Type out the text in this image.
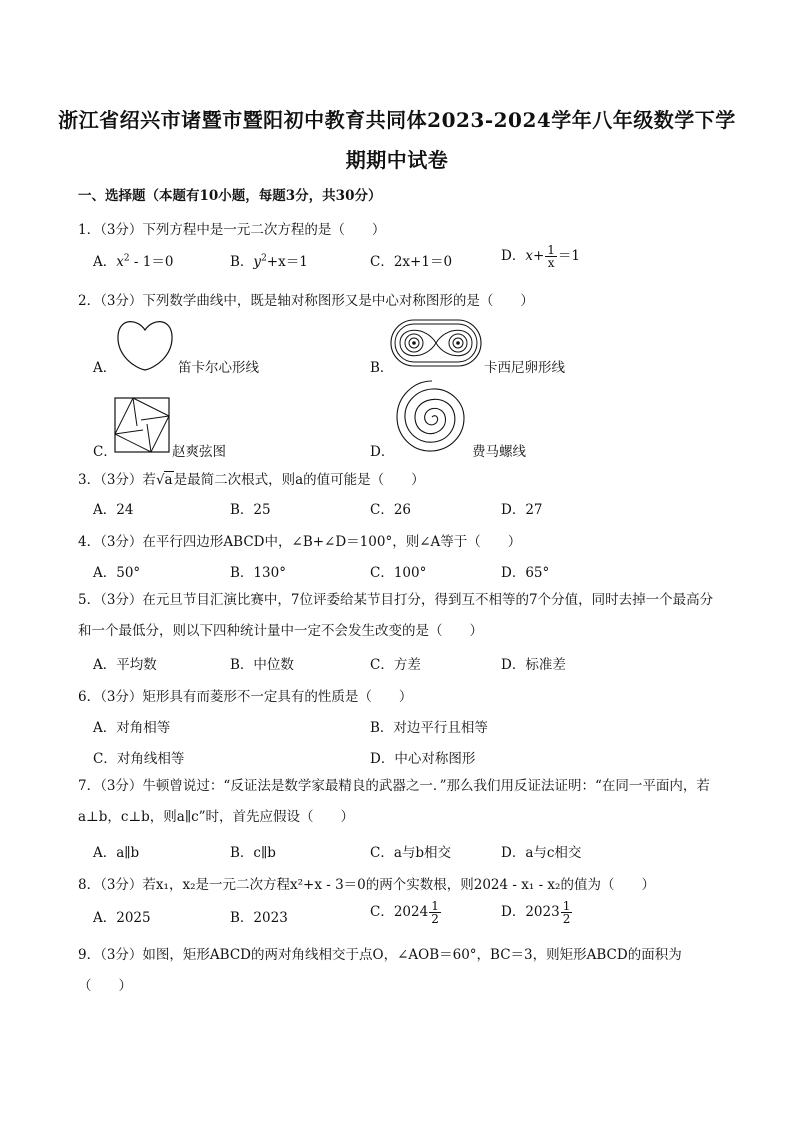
浙江省绍兴市诸暨市暨阳初中教育共同体2023-2024学年八年级数学下学
期期中试卷
一、选择题（本题有10小题，每题3分，共30分）
1．（3分）下列方程中是一元二次方程的是（　　）
A．$x^2 - 1=0$	B．$y^2+x=1$	C．2x+1＝0	D．$x+ \frac{1}{x} =1$
2．（3分）下列数学曲线中，既是轴对称图形又是中心对称图形的是（　　）
A．	笛卡尔心形线	B．	卡西尼卵形线
C．	赵爽弦图	D．	费马螺线
3．（3分）若√a是最简二次根式，则a的值可能是（　　）
A．24	B．25	C．26	D．27
4．（3分）在平行四边形ABCD中，∠B+∠D＝100°，则∠A等于（　　）
A．50°	B．130°	C．100°	D．65°
5．（3分）在元旦节目汇演比赛中，7位评委给某节目打分，得到互不相等的7个分值，同时去掉一个最高分和一个最低分，则以下四种统计量中一定不会发生改变的是（　　）
A．平均数	B．中位数	C．方差	D．标准差
6．（3分）矩形具有而菱形不一定具有的性质是（　　）
A．对角相等	B．对边平行且相等
C．对角线相等	D．中心对称图形
7．（3分）牛顿曾说过：“反证法是数学家最精良的武器之一．”那么我们用反证法证明：“在同一平面内，若a⊥b，c⊥b，则a∥c”时，首先应假设（　　）
A．a∥b	B．c∥b	C．a与b相交	D．a与c相交
8．（3分）若x₁，x₂是一元二次方程x²+x - 3＝0的两个实数根，则2024 - x₁ - x₂的值为（　　）
A．2025	B．2023	C．$2024 \frac{1}{2}$	D．$2023 \frac{1}{2}$
9．（3分）如图，矩形ABCD的两对角线相交于点O，∠AOB＝60°，BC＝3，则矩形ABCD的面积为（　　）
